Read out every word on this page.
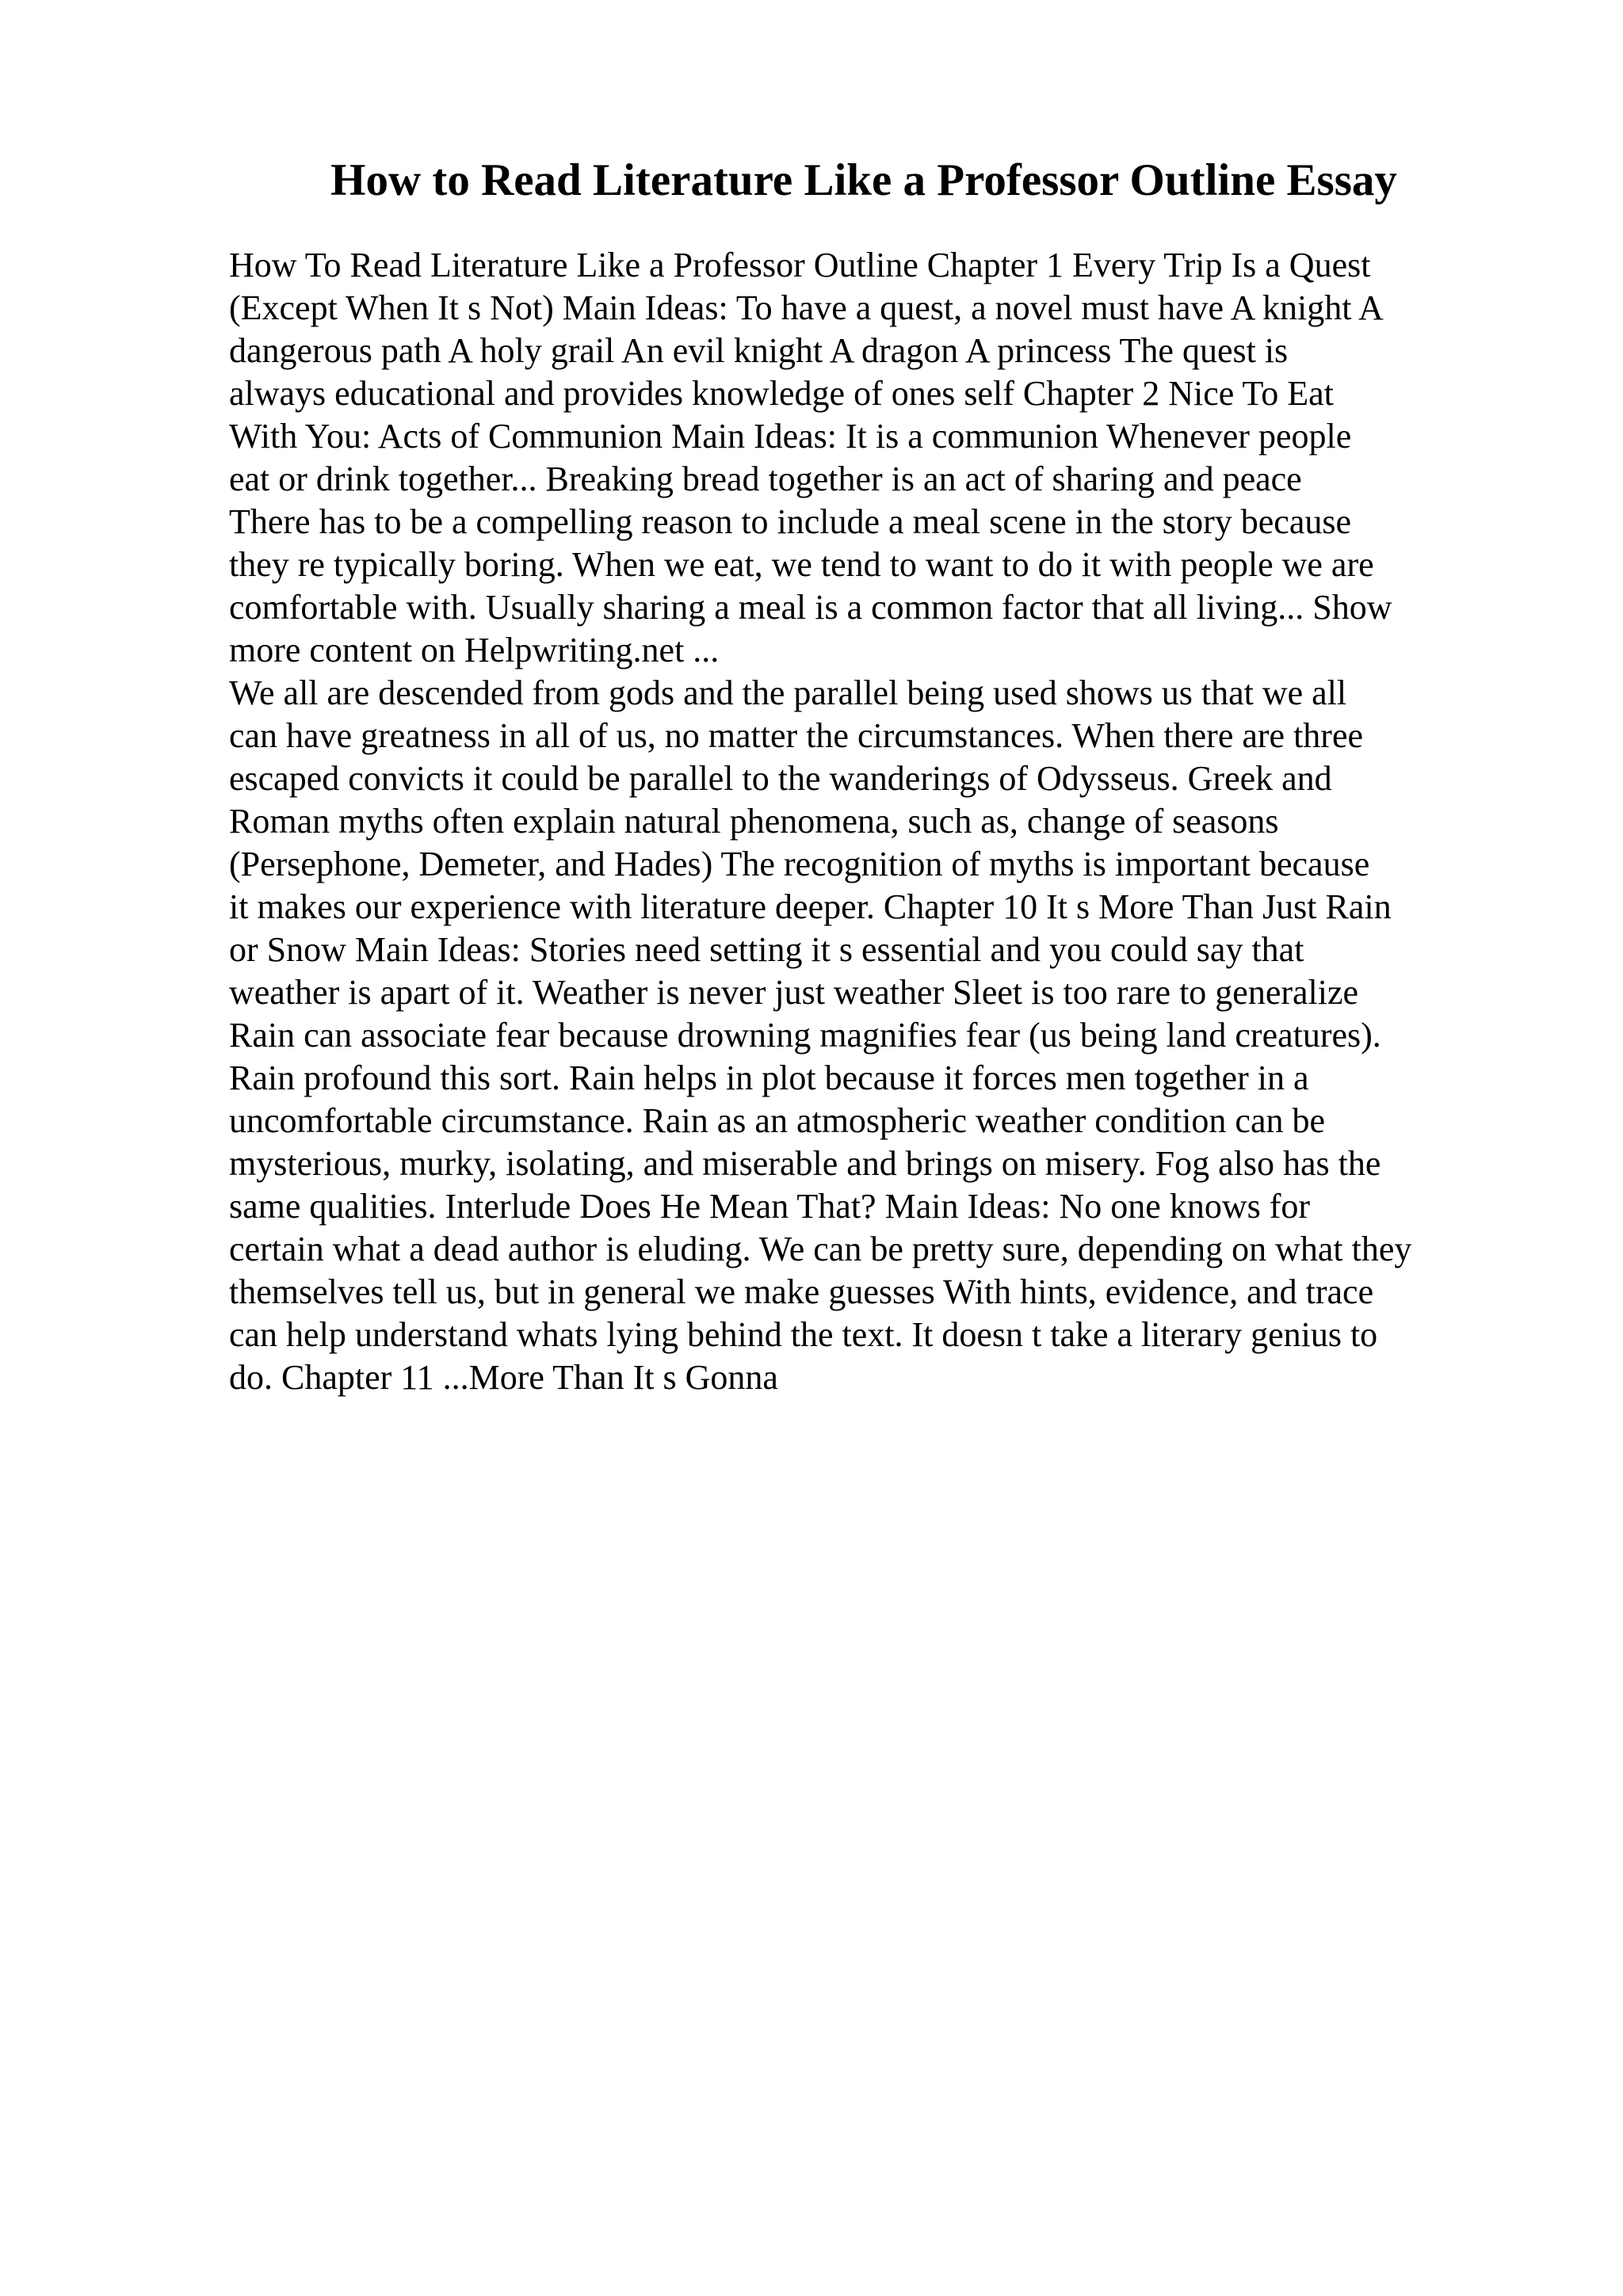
How to Read Literature Like a Professor Outline Essay
How To Read Literature Like a Professor Outline Chapter 1 Every Trip Is a Quest
(Except When It s Not) Main Ideas: To have a quest, a novel must have A knight A
dangerous path A holy grail An evil knight A dragon A princess The quest is
always educational and provides knowledge of ones self Chapter 2 Nice To Eat
With You: Acts of Communion Main Ideas: It is a communion Whenever people
eat or drink together... Breaking bread together is an act of sharing and peace
There has to be a compelling reason to include a meal scene in the story because
they re typically boring. When we eat, we tend to want to do it with people we are
comfortable with. Usually sharing a meal is a common factor that all living... Show
more content on Helpwriting.net ...
We all are descended from gods and the parallel being used shows us that we all
can have greatness in all of us, no matter the circumstances. When there are three
escaped convicts it could be parallel to the wanderings of Odysseus. Greek and
Roman myths often explain natural phenomena, such as, change of seasons
(Persephone, Demeter, and Hades) The recognition of myths is important because
it makes our experience with literature deeper. Chapter 10 It s More Than Just Rain
or Snow Main Ideas: Stories need setting it s essential and you could say that
weather is apart of it. Weather is never just weather Sleet is too rare to generalize
Rain can associate fear because drowning magnifies fear (us being land creatures).
Rain profound this sort. Rain helps in plot because it forces men together in a
uncomfortable circumstance. Rain as an atmospheric weather condition can be
mysterious, murky, isolating, and miserable and brings on misery. Fog also has the
same qualities. Interlude Does He Mean That? Main Ideas: No one knows for
certain what a dead author is eluding. We can be pretty sure, depending on what they
themselves tell us, but in general we make guesses With hints, evidence, and trace
can help understand whats lying behind the text. It doesn t take a literary genius to
do. Chapter 11 ...More Than It s Gonna
